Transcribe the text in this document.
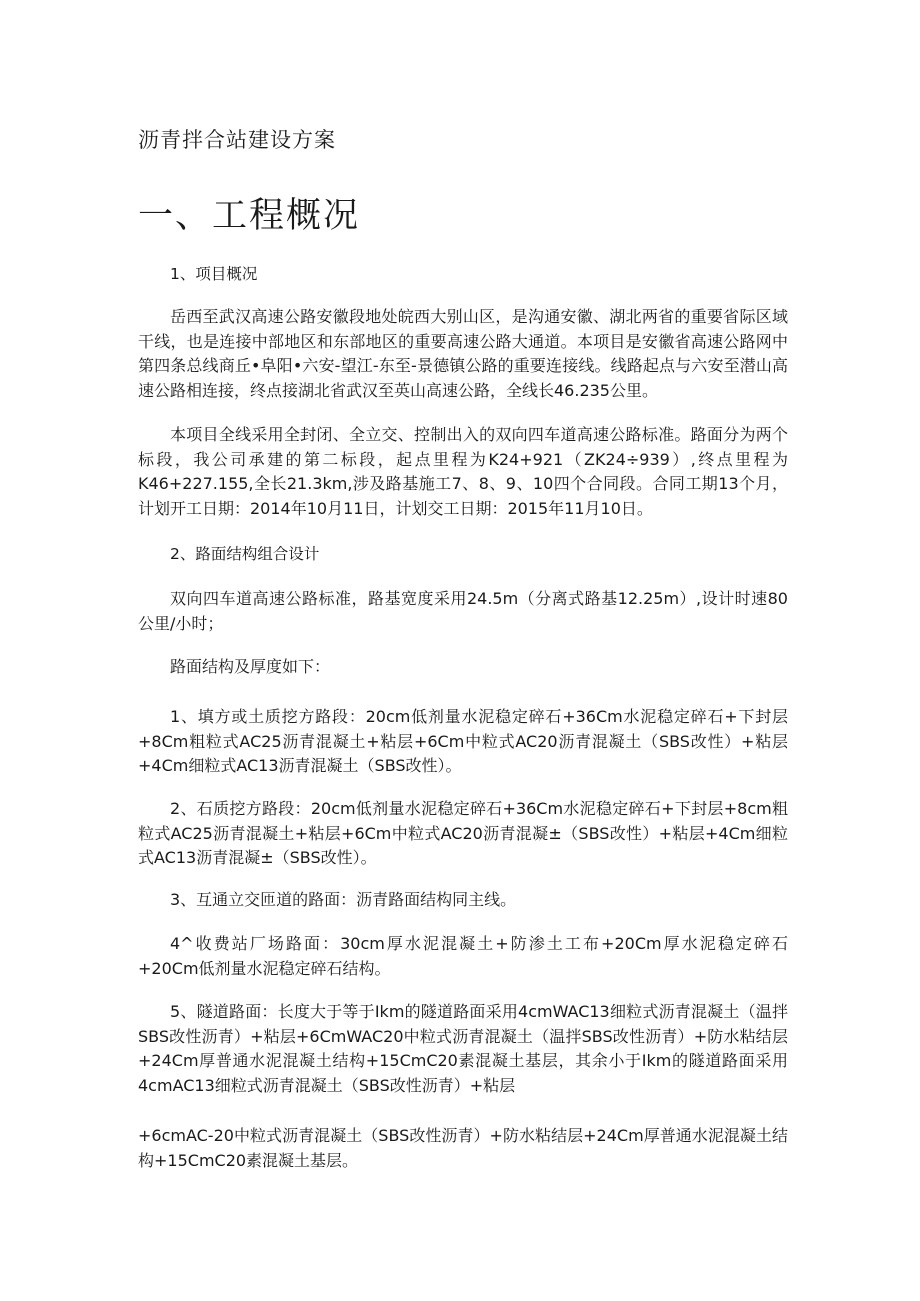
沥青拌合站建设方案
一、工程概况
1、项目概况

岳西至武汉高速公路安徽段地处皖西大别山区，是沟通安徽、湖北两省的重要省际区域干线，也是连接中部地区和东部地区的重要高速公路大通道。本项目是安徽省高速公路网中第四条总线商丘•阜阳•六安-望江-东至-景德镇公路的重要连接线。线路起点与六安至潜山高速公路相连接，终点接湖北省武汉至英山高速公路，全线长46.235公里。

本项目全线采用全封闭、全立交、控制出入的双向四车道高速公路标准。路面分为两个标段，我公司承建的第二标段，起点里程为K24+921（ZK24÷939）,终点里程为K46+227.155,全长21.3km,涉及路基施工7、8、9、10四个合同段。合同工期13个月，计划开工日期：2014年10月11日，计划交工日期：2015年11月10日。

2、路面结构组合设计

双向四车道高速公路标准，路基宽度采用24.5m（分离式路基12.25m）,设计时速80公里/小时；

路面结构及厚度如下：

1、填方或土质挖方路段：20cm低剂量水泥稳定碎石+36Cm水泥稳定碎石+下封层+8Cm粗粒式AC25沥青混凝土+粘层+6Cm中粒式AC20沥青混凝土（SBS改性）+粘层+4Cm细粒式AC13沥青混凝土（SBS改性）。

2、石质挖方路段：20cm低剂量水泥稳定碎石+36Cm水泥稳定碎石+下封层+8cm粗粒式AC25沥青混凝土+粘层+6Cm中粒式AC20沥青混凝±（SBS改性）+粘层+4Cm细粒式AC13沥青混凝±（SBS改性）。

3、互通立交匝道的路面：沥青路面结构同主线。

4^收费站厂场路面：30cm厚水泥混凝土+防渗土工布+20Cm厚水泥稳定碎石+20Cm低剂量水泥稳定碎石结构。

5、隧道路面：长度大于等于Ikm的隧道路面采用4cmWAC13细粒式沥青混凝土（温拌SBS改性沥青）+粘层+6CmWAC20中粒式沥青混凝土（温拌SBS改性沥青）+防水粘结层+24Cm厚普通水泥混凝土结构+15CmC20素混凝土基层，其余小于Ikm的隧道路面采用4cmAC13细粒式沥青混凝土（SBS改性沥青）+粘层

+6cmAC-20中粒式沥青混凝土（SBS改性沥青）+防水粘结层+24Cm厚普通水泥混凝土结构+15CmC20素混凝土基层。
